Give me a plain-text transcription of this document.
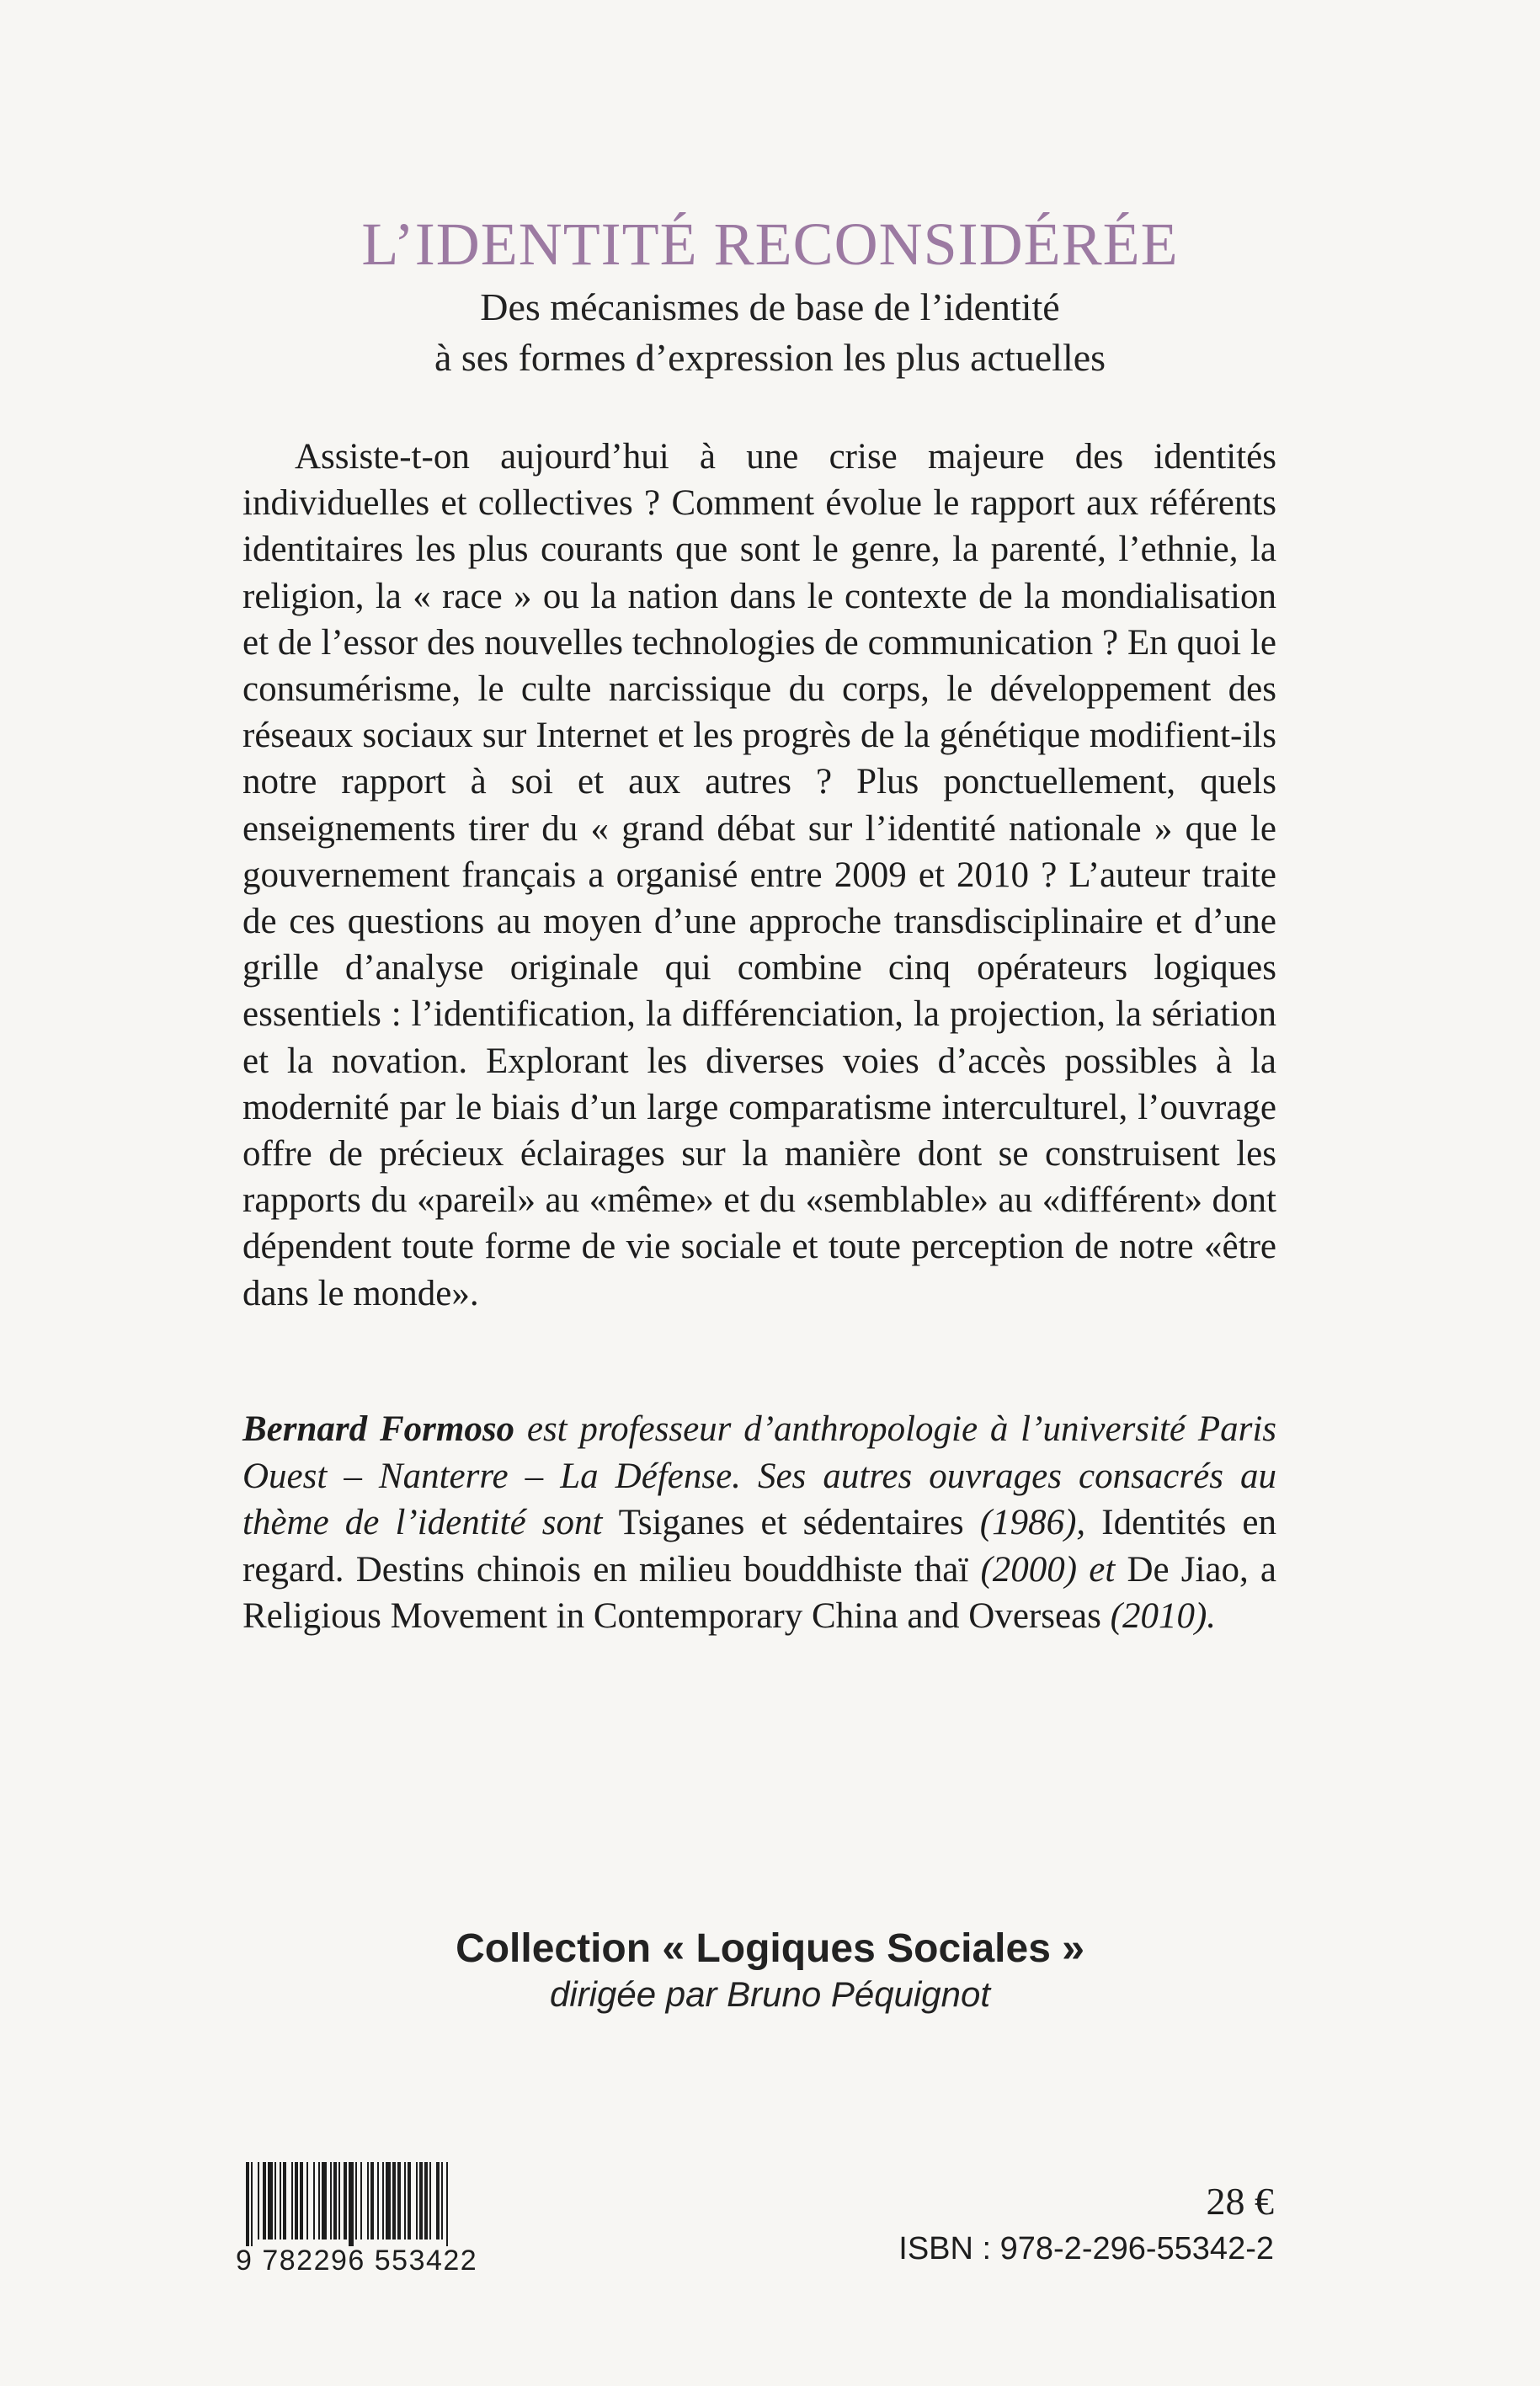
L’IDENTITÉ RECONSIDÉRÉE
Des mécanismes de base de l’identité
à ses formes d’expression les plus actuelles

Assiste-t-on aujourd’hui à une crise majeure des identités individuelles et collectives ? Comment évolue le rapport aux référents identitaires les plus courants que sont le genre, la parenté, l’ethnie, la religion, la « race » ou la nation dans le contexte de la mondialisation et de l’essor des nouvelles technologies de communication ? En quoi le consumérisme, le culte narcissique du corps, le développement des réseaux sociaux sur Internet et les progrès de la génétique modifient-ils notre rapport à soi et aux autres ? Plus ponctuellement, quels enseignements tirer du « grand débat sur l’identité nationale » que le gouvernement français a organisé entre 2009 et 2010 ? L’auteur traite de ces questions au moyen d’une approche transdisciplinaire et d’une grille d’analyse originale qui combine cinq opérateurs logiques essentiels : l’identification, la différenciation, la projection, la sériation et la novation. Explorant les diverses voies d’accès possibles à la modernité par le biais d’un large comparatisme interculturel, l’ouvrage offre de précieux éclairages sur la manière dont se construisent les rapports du «pareil» au «même» et du «semblable» au «différent» dont dépendent toute forme de vie sociale et toute perception de notre «être dans le monde».

Bernard Formoso est professeur d’anthropologie à l’université Paris Ouest – Nanterre – La Défense. Ses autres ouvrages consacrés au thème de l’identité sont Tsiganes et sédentaires (1986), Identités en regard. Destins chinois en milieu bouddhiste thaï (2000) et De Jiao, a Religious Movement in Contemporary China and Overseas (2010).

Collection « Logiques Sociales »
dirigée par Bruno Péquignot
9 782296 553422
28 €
ISBN : 978-2-296-55342-2
